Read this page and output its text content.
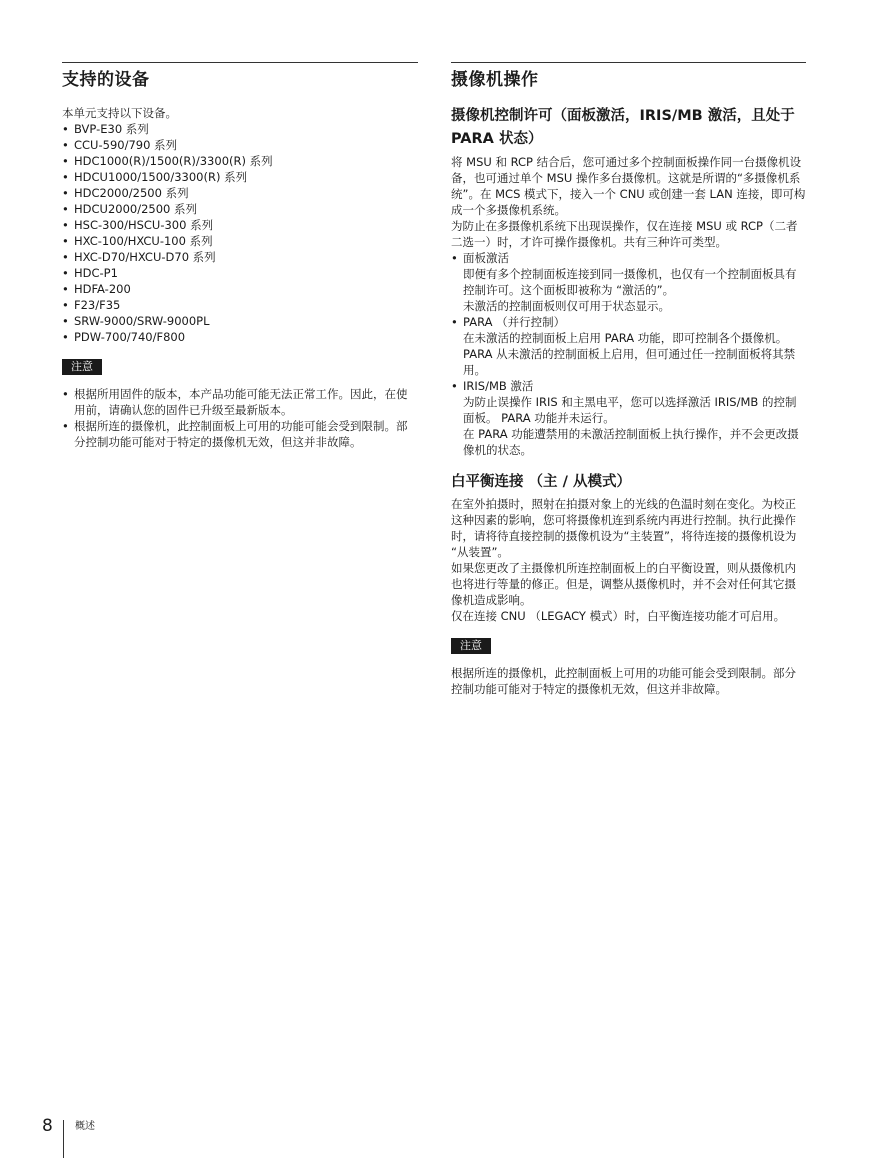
支持的设备

本单元支持以下设备。

• BVP-E30 系列
• CCU-590/790 系列
• HDC1000(R)/1500(R)/3300(R) 系列
• HDCU1000/1500/3300(R) 系列
• HDC2000/2500 系列
• HDCU2000/2500 系列
• HSC-300/HSCU-300 系列
• HXC-100/HXCU-100 系列
• HXC-D70/HXCU-D70 系列
• HDC-P1
• HDFA-200
• F23/F35
• SRW-9000/SRW-9000PL
• PDW-700/740/F800
注意
• 根据所用固件的版本，本产品功能可能无法正常工作。因此，在使用前，请确认您的固件已升级至最新版本。
• 根据所连的摄像机，此控制面板上可用的功能可能会受到限制。部分控制功能可能对于特定的摄像机无效，但这并非故障。
摄像机操作
摄像机控制许可（面板激活，IRIS/MB 激活，且处于 PARA 状态）

将 MSU 和 RCP 结合后，您可通过多个控制面板操作同一台摄像机设备，也可通过单个 MSU 操作多台摄像机。这就是所谓的“多摄像机系统”。在 MCS 模式下，接入一个 CNU 或创建一套 LAN 连接，即可构成一个多摄像机系统。

为防止在多摄像机系统下出现误操作，仅在连接 MSU 或 RCP（二者二选一）时，才许可操作摄像机。共有三种许可类型。

• 面板激活
即便有多个控制面板连接到同一摄像机，也仅有一个控制面板具有控制许可。这个面板即被称为 “激活的”。
未激活的控制面板则仅可用于状态显示。
• PARA （并行控制）
在未激活的控制面板上启用 PARA 功能，即可控制各个摄像机。 PARA 从未激活的控制面板上启用，但可通过任一控制面板将其禁用。
• IRIS/MB 激活
为防止误操作 IRIS 和主黑电平，您可以选择激活 IRIS/MB 的控制面板。 PARA 功能并未运行。
在 PARA 功能遭禁用的未激活控制面板上执行操作，并不会更改摄像机的状态。
白平衡连接 （主 / 从模式）

在室外拍摄时，照射在拍摄对象上的光线的色温时刻在变化。为校正这种因素的影响，您可将摄像机连到系统内再进行控制。执行此操作时，请将待直接控制的摄像机设为“主装置”，将待连接的摄像机设为 “从装置”。

如果您更改了主摄像机所连控制面板上的白平衡设置，则从摄像机内也将进行等量的修正。但是，调整从摄像机时，并不会对任何其它摄像机造成影响。

仅在连接 CNU （LEGACY 模式）时，白平衡连接功能才可启用。

注意

根据所连的摄像机，此控制面板上可用的功能可能会受到限制。部分控制功能可能对于特定的摄像机无效，但这并非故障。

8 概述
